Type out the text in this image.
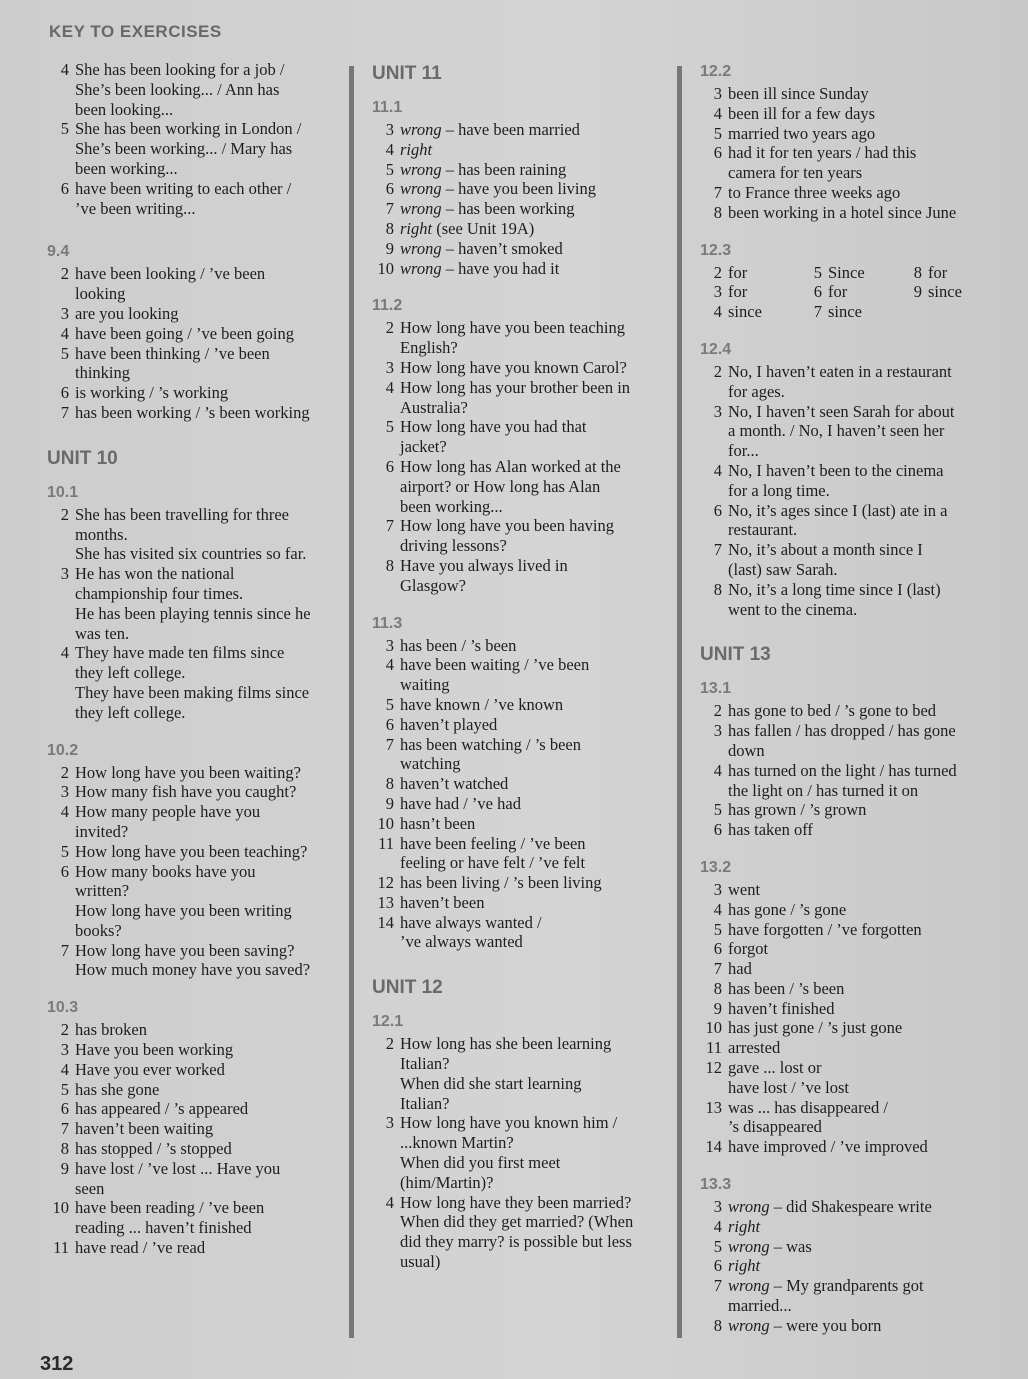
KEY TO EXERCISES
4 She has been looking for a job /
She’s been looking... / Ann has
been looking...
5 She has been working in London /
She’s been working... / Mary has
been working...
6 have been writing to each other /
’ve been writing...
9.4
2 have been looking / ’ve been
looking
3 are you looking
4 have been going / ’ve been going
5 have been thinking / ’ve been
thinking
6 is working / ’s working
7 has been working / ’s been working
UNIT 10
10.1
2 She has been travelling for three
months.
She has visited six countries so far.
3 He has won the national
championship four times.
He has been playing tennis since he
was ten.
4 They have made ten films since
they left college.
They have been making films since
they left college.
10.2
2 How long have you been waiting?
3 How many fish have you caught?
4 How many people have you
invited?
5 How long have you been teaching?
6 How many books have you
written?
How long have you been writing
books?
7 How long have you been saving?
How much money have you saved?
10.3
2 has broken
3 Have you been working
4 Have you ever worked
5 has she gone
6 has appeared / ’s appeared
7 haven’t been waiting
8 has stopped / ’s stopped
9 have lost / ’ve lost ... Have you
seen
10 have been reading / ’ve been
reading ... haven’t finished
11 have read / ’ve read
UNIT 11
11.1
3 wrong – have been married
4 right
5 wrong – has been raining
6 wrong – have you been living
7 wrong – has been working
8 right (see Unit 19A)
9 wrong – haven’t smoked
10 wrong – have you had it
11.2
2 How long have you been teaching
English?
3 How long have you known Carol?
4 How long has your brother been in
Australia?
5 How long have you had that
jacket?
6 How long has Alan worked at the
airport? or How long has Alan
been working...
7 How long have you been having
driving lessons?
8 Have you always lived in
Glasgow?
11.3
3 has been / ’s been
4 have been waiting / ’ve been
waiting
5 have known / ’ve known
6 haven’t played
7 has been watching / ’s been
watching
8 haven’t watched
9 have had / ’ve had
10 hasn’t been
11 have been feeling / ’ve been
feeling or have felt / ’ve felt
12 has been living / ’s been living
13 haven’t been
14 have always wanted /
’ve always wanted
UNIT 12
12.1
2 How long has she been learning
Italian?
When did she start learning
Italian?
3 How long have you known him /
...known Martin?
When did you first meet
(him/Martin)?
4 How long have they been married?
When did they get married? (When
did they marry? is possible but less
usual)
12.2
3 been ill since Sunday
4 been ill for a few days
5 married two years ago
6 had it for ten years / had this
camera for ten years
7 to France three weeks ago
8 been working in a hotel since June
12.3
2 for	5 Since	8 for
3 for	6 for	9 since
4 since	7 since
12.4
2 No, I haven’t eaten in a restaurant
for ages.
3 No, I haven’t seen Sarah for about
a month. / No, I haven’t seen her
for...
4 No, I haven’t been to the cinema
for a long time.
6 No, it’s ages since I (last) ate in a
restaurant.
7 No, it’s about a month since I
(last) saw Sarah.
8 No, it’s a long time since I (last)
went to the cinema.
UNIT 13
13.1
2 has gone to bed / ’s gone to bed
3 has fallen / has dropped / has gone
down
4 has turned on the light / has turned
the light on / has turned it on
5 has grown / ’s grown
6 has taken off
13.2
3 went
4 has gone / ’s gone
5 have forgotten / ’ve forgotten
6 forgot
7 had
8 has been / ’s been
9 haven’t finished
10 has just gone / ’s just gone
11 arrested
12 gave ... lost or
have lost / ’ve lost
13 was ... has disappeared /
’s disappeared
14 have improved / ’ve improved
13.3
3 wrong – did Shakespeare write
4 right
5 wrong – was
6 right
7 wrong – My grandparents got
married...
8 wrong – were you born
312
